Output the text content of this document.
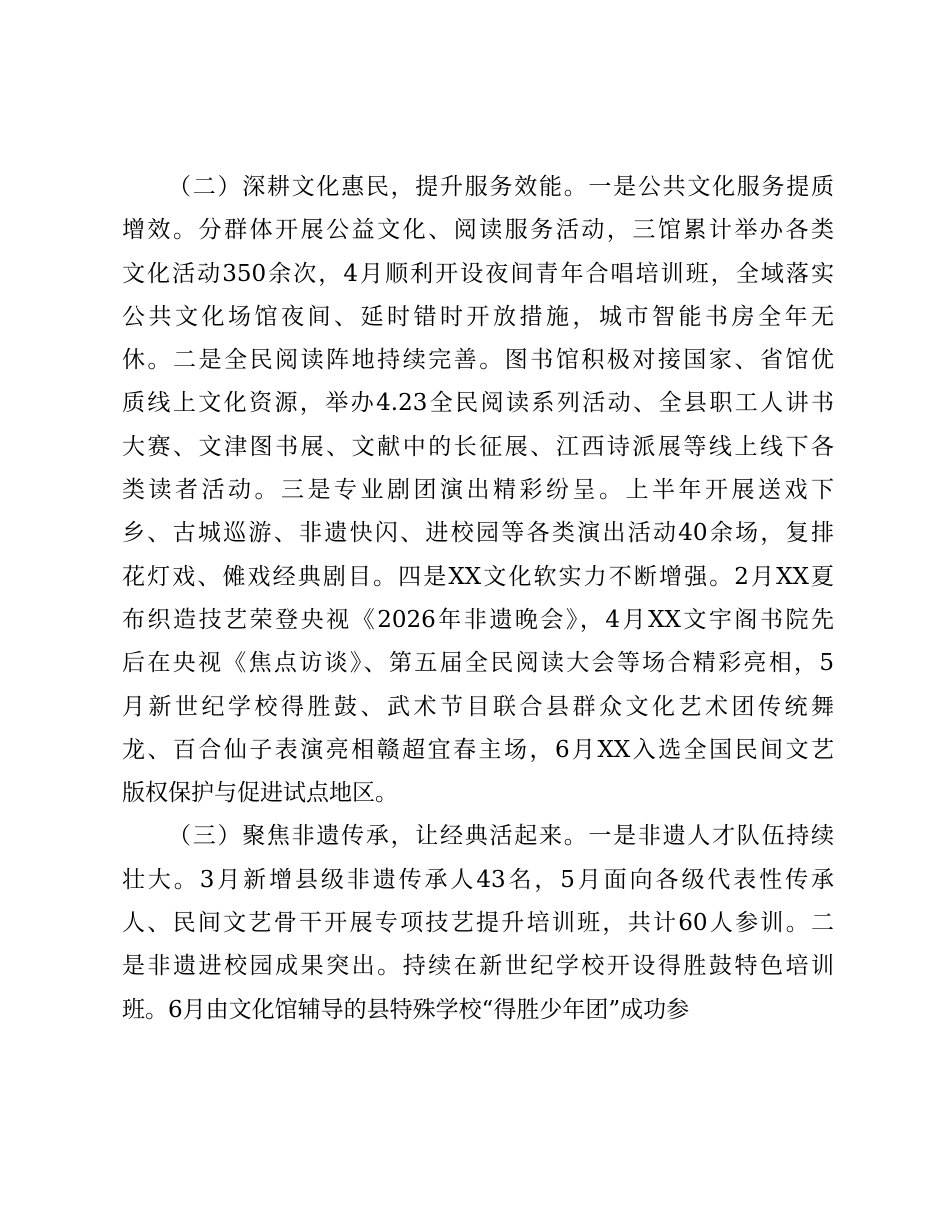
（二）深耕文化惠民，提升服务效能。一是公共文化服务提质
增效。分群体开展公益文化、阅读服务活动，三馆累计举办各类
文化活动350余次，4月顺利开设夜间青年合唱培训班，全域落实
公共文化场馆夜间、延时错时开放措施，城市智能书房全年无
休。二是全民阅读阵地持续完善。图书馆积极对接国家、省馆优
质线上文化资源，举办4.23全民阅读系列活动、全县职工人讲书
大赛、文津图书展、文献中的长征展、江西诗派展等线上线下各
类读者活动。三是专业剧团演出精彩纷呈。上半年开展送戏下
乡、古城巡游、非遗快闪、进校园等各类演出活动40余场，复排
花灯戏、傩戏经典剧目。四是XX文化软实力不断增强。2月XX夏
布织造技艺荣登央视《2026年非遗晚会》，4月XX文宇阁书院先
后在央视《焦点访谈》、第五届全民阅读大会等场合精彩亮相，5
月新世纪学校得胜鼓、武术节目联合县群众文化艺术团传统舞
龙、百合仙子表演亮相赣超宜春主场，6月XX入选全国民间文艺
版权保护与促进试点地区。
（三）聚焦非遗传承，让经典活起来。一是非遗人才队伍持续
壮大。3月新增县级非遗传承人43名，5月面向各级代表性传承
人、民间文艺骨干开展专项技艺提升培训班，共计60人参训。二
是非遗进校园成果突出。持续在新世纪学校开设得胜鼓特色培训
班。6月由文化馆辅导的县特殊学校“得胜少年团”成功参
